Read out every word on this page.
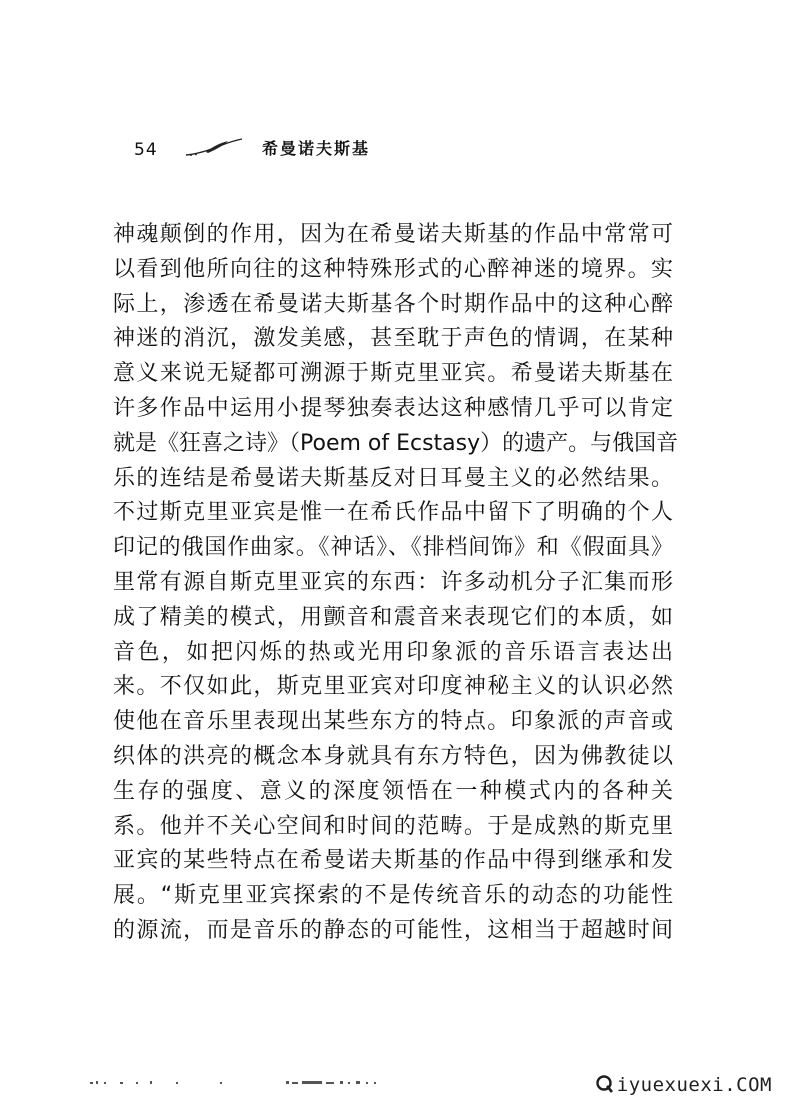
54	希曼诺夫斯基
神魂颠倒的作用，因为在希曼诺夫斯基的作品中常常可
以看到他所向往的这种特殊形式的心醉神迷的境界。实
际上，渗透在希曼诺夫斯基各个时期作品中的这种心醉
神迷的消沉，激发美感，甚至耽于声色的情调，在某种
意义来说无疑都可溯源于斯克里亚宾。希曼诺夫斯基在
许多作品中运用小提琴独奏表达这种感情几乎可以肯定
就是《狂喜之诗》（Poem of Ecstasy）的遗产。与俄国音
乐的连结是希曼诺夫斯基反对日耳曼主义的必然结果。
不过斯克里亚宾是惟一在希氏作品中留下了明确的个人
印记的俄国作曲家。《神话》、《排档间饰》和《假面具》
里常有源自斯克里亚宾的东西：许多动机分子汇集而形
成了精美的模式，用颤音和震音来表现它们的本质，如
音色，如把闪烁的热或光用印象派的音乐语言表达出
来。不仅如此，斯克里亚宾对印度神秘主义的认识必然
使他在音乐里表现出某些东方的特点。印象派的声音或
织体的洪亮的概念本身就具有东方特色，因为佛教徒以
生存的强度、意义的深度领悟在一种模式内的各种关
系。他并不关心空间和时间的范畴。于是成熟的斯克里
亚宾的某些特点在希曼诺夫斯基的作品中得到继承和发
展。“斯克里亚宾探索的不是传统音乐的动态的功能性
的源流，而是音乐的静态的可能性，这相当于超越时间
iyuexuexi.COM
